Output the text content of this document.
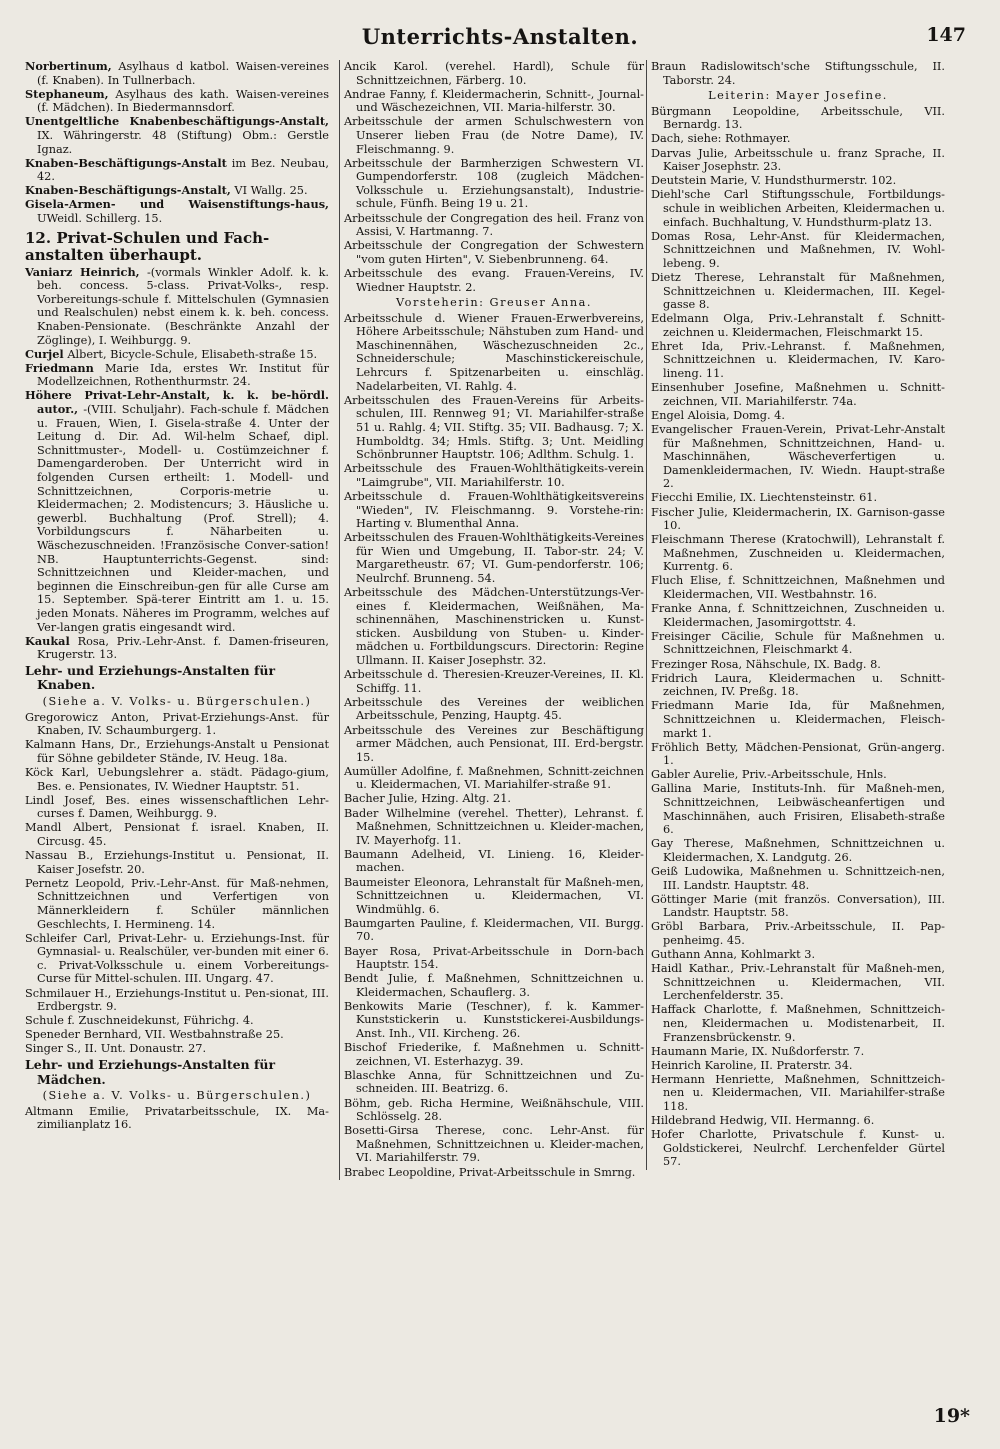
Unterrichts-Anstalten.	147
Norbertinum, Asylhaus d katbol. Waisen-vereines (f. Knaben). In Tullnerbach.
Stephaneum, Asylhaus des kath. Waisen-vereines (f. Mädchen). In Biedermannsdorf.
Unentgeltliche Knabenbeschäftigungs-Anstalt, IX. Währingerstr. 48 (Stiftung) Obm.: Gerstle Ignaz.
Knaben-Beschäftigungs-Anstalt im Bez. Neubau, 42.
Knaben-Beschäftigungs-Anstalt, VI Wallg. 25.
Gisela-Armen- und Waisenstiftungs-haus, UWeidl. Schillerg. 15.
12. Privat-Schulen und Fach-anstalten überhaupt.
Vaniarz Heinrich, -(vormals Winkler Adolf. k. k. beh. concess. 5-class. Privat-Volks-, resp. Vorbereitungs-schule f. Mittelschulen (Gymnasien und Realschulen) nebst einem k. k. beh. concess. Knaben-Pensionate. (Beschränkte Anzahl der Zöglinge), I. Weihburgg. 9.
Curjel Albert, Bicycle-Schule, Elisabeth-straße 15.
Friedmann Marie Ida, erstes Wr. Institut für Modellzeichnen, Rothenthurmstr. 24.
Höhere Privat-Lehr-Anstalt, k. k. be-hördl. autor., -(VIII. Schuljahr). Fach-schule f. Mädchen u. Frauen, Wien, I. Gisela-straße 4. Unter der Leitung d. Dir. Ad. Wil-helm Schaef, dipl. Schnittmuster-, Modell- u. Costümzeichner f. Damengarderoben. Der Unterricht wird in folgenden Cursen ertheilt: 1. Modell- und Schnittzeichnen, Corporis-metrie u. Kleidermachen; 2. Modistencurs; 3. Häusliche u. gewerbl. Buchhaltung (Prof. Strell); 4. Vorbildungscurs f. Näharbeiten u. Wäschezuschneiden. !Französische Conver-sation! NB. Hauptunterrichts-Gegenst. sind: Schnittzeichnen und Kleider-machen, und beginnen die Einschreibun-gen für alle Curse am 15. September. Spä-terer Eintritt am 1. u. 15. jeden Monats. Näheres im Programm, welches auf Ver-langen gratis eingesandt wird.
Kaukal Rosa, Priv.-Lehr-Anst. f. Damen-friseuren, Krugerstr. 13.
Lehr- und Erziehungs-Anstalten für Knaben.
(Siehe a. V. Volks- u. Bürgerschulen.)
Gregorowicz Anton, Privat-Erziehungs-Anst. für Knaben, IV. Schaumburgerg. 1.
Kalmann Hans, Dr., Erziehungs-Anstalt u Pensionat für Söhne gebildeter Stände, IV. Heug. 18a.
Köck Karl, Uebungslehrer a. städt. Pädago-gium, Bes. e. Pensionates, IV. Wiedner Hauptstr. 51.
Lindl Josef, Bes. eines wissenschaftlichen Lehr-curses f. Damen, Weihburgg. 9.
Mandl Albert, Pensionat f. israel. Knaben, II. Circusg. 45.
Nassau B., Erziehungs-Institut u. Pensionat, II. Kaiser Josefstr. 20.
Pernetz Leopold, Priv.-Lehr-Anst. für Maß-nehmen, Schnittzeichnen und Verfertigen von Männerkleidern f. Schüler männlichen Geschlechts, I. Hermineng. 14.
Schleifer Carl, Privat-Lehr- u. Erziehungs-Inst. für Gymnasial- u. Realschüler, ver-bunden mit einer 6. c. Privat-Volksschule u. einem Vorbereitungs-Curse für Mittel-schulen. III. Ungarg. 47.
Schmilauer H., Erziehungs-Institut u. Pen-sionat, III. Erdbergstr. 9.
Schule f. Zuschneidekunst, Führichg. 4.
Speneder Bernhard, VII. Westbahnstraße 25.
Singer S., II. Unt. Donaustr. 27.
Lehr- und Erziehungs-Anstalten für Mädchen.
(Siehe a. V. Volks- u. Bürgerschulen.)
Altmann Emilie, Privatarbeitsschule, IX. Ma-zimilianplatz 16.
Ancik Karol. (verehel. Hardl), Schule für Schnittzeichnen, Färberg. 10.
Andrae Fanny, f. Kleidermacherin, Schnitt-, Journal- und Wäschezeichnen, VII. Maria-hilferstr. 30.
Arbeitsschule der armen Schulschwestern von Unserer lieben Frau (de Notre Dame), IV. Fleischmanng. 9.
Arbeitsschule der Barmherzigen Schwestern VI. Gumpendorferstr. 108 (zugleich Mädchen-Volksschule u. Erziehungsanstalt), Industrie-schule, Fünfh. Being 19 u. 21.
Arbeitsschule der Congregation des heil. Franz von Assisi, V. Hartmanng. 7.
Arbeitsschule der Congregation der Schwestern "vom guten Hirten", V. Siebenbrunneng. 64.
Arbeitsschule des evang. Frauen-Vereins, IV. Wiedner Hauptstr. 2.
Vorsteherin: Greuser Anna.
Arbeitsschule d. Wiener Frauen-Erwerbvereins, Höhere Arbeitsschule; Nähstuben zum Hand- und Maschinennähen, Wäschezuschneiden 2c., Schneiderschule; Maschinstickereischule, Lehrcurs f. Spitzenarbeiten u. einschläg. Nadelarbeiten, VI. Rahlg. 4.
Arbeitsschulen des Frauen-Vereins für Arbeits-schulen, III. Rennweg 91; VI. Mariahilfer-straße 51 u. Rahlg. 4; VII. Stiftg. 35; VII. Badhausg. 7; X. Humboldtg. 34; Hmls. Stiftg. 3; Unt. Meidling Schönbrunner Hauptstr. 106; Adlthm. Schulg. 1.
Arbeitsschule des Frauen-Wohlthätigkeits-verein "Laimgrube", VII. Mariahilferstr. 10.
Arbeitsschule d. Frauen-Wohlthätigkeitsvereins "Wieden", IV. Fleischmanng. 9. Vorstehe-rin: Harting v. Blumenthal Anna.
Arbeitsschulen des Frauen-Wohlthätigkeits-Vereines für Wien und Umgebung, II. Tabor-str. 24; V. Margaretheustr. 67; VI. Gum-pendorferstr. 106; Neulrchf. Brunneng. 54.
Arbeitsschule des Mädchen-Unterstützungs-Ver-eines f. Kleidermachen, Weißnähen, Ma-schinennähen, Maschinenstricken u. Kunst-sticken. Ausbildung von Stuben- u. Kinder-mädchen u. Fortbildungscurs. Directorin: Regine Ullmann. II. Kaiser Josephstr. 32.
Arbeitsschule d. Theresien-Kreuzer-Vereines, II. Kl. Schiffg. 11.
Arbeitsschule des Vereines der weiblichen Arbeitsschule, Penzing, Hauptg. 45.
Arbeitsschule des Vereines zur Beschäftigung armer Mädchen, auch Pensionat, III. Erd-bergstr. 15.
Aumüller Adolfine, f. Maßnehmen, Schnitt-zeichnen u. Kleidermachen, VI. Mariahilfer-straße 91.
Bacher Julie, Hzing. Altg. 21.
Bader Wilhelmine (verehel. Thetter), Lehranst. f. Maßnehmen, Schnittzeichnen u. Kleider-machen, IV. Mayerhofg. 11.
Baumann Adelheid, VI. Linieng. 16, Kleider-machen.
Baumeister Eleonora, Lehranstalt für Maßneh-men, Schnittzeichnen u. Kleidermachen, VI. Windmühlg. 6.
Baumgarten Pauline, f. Kleidermachen, VII. Burgg. 70.
Bayer Rosa, Privat-Arbeitsschule in Dorn-bach Hauptstr. 154.
Bendt Julie, f. Maßnehmen, Schnittzeichnen u. Kleidermachen, Schauflerg. 3.
Benkowits Marie (Teschner), f. k. Kammer-Kunststickerin u. Kunststickerei-Ausbildungs-Anst. Inh., VII. Kircheng. 26.
Bischof Friederike, f. Maßnehmen u. Schnitt-zeichnen, VI. Esterhazyg. 39.
Blaschke Anna, für Schnittzeichnen und Zu-schneiden. III. Beatrizg. 6.
Böhm, geb. Richa Hermine, Weißnähschule, VIII. Schlösselg. 28.
Bosetti-Girsa Therese, conc. Lehr-Anst. für Maßnehmen, Schnittzeichnen u. Kleider-machen, VI. Mariahilferstr. 79.
Brabec Leopoldine, Privat-Arbeitsschule in Smrng.
Braun Radislowitsch'sche Stiftungsschule, II. Taborstr. 24.
Leiterin: Mayer Josefine.
Bürgmann Leopoldine, Arbeitsschule, VII. Bernardg. 13.
Dach, siehe: Rothmayer.
Darvas Julie, Arbeitsschule u. franz Sprache, II. Kaiser Josephstr. 23.
Deutstein Marie, V. Hundsthurmerstr. 102.
Diehl'sche Carl Stiftungsschule, Fortbildungs-schule in weiblichen Arbeiten, Kleidermachen u. einfach. Buchhaltung, V. Hundsthurm-platz 13.
Domas Rosa, Lehr-Anst. für Kleidermachen, Schnittzeichnen und Maßnehmen, IV. Wohl-lebeng. 9.
Dietz Therese, Lehranstalt für Maßnehmen, Schnittzeichnen u. Kleidermachen, III. Kegel-gasse 8.
Edelmann Olga, Priv.-Lehranstalt f. Schnitt-zeichnen u. Kleidermachen, Fleischmarkt 15.
Ehret Ida, Priv.-Lehranst. f. Maßnehmen, Schnittzeichnen u. Kleidermachen, IV. Karo-lineng. 11.
Einsenhuber Josefine, Maßnehmen u. Schnitt-zeichnen, VII. Mariahilferstr. 74a.
Engel Aloisia, Domg. 4.
Evangelischer Frauen-Verein, Privat-Lehr-Anstalt für Maßnehmen, Schnittzeichnen, Hand- u. Maschinnähen, Wäscheverfertigen u. Damenkleidermachen, IV. Wiedn. Haupt-straße 2.
Fiecchi Emilie, IX. Liechtensteinstr. 61.
Fischer Julie, Kleidermacherin, IX. Garnison-gasse 10.
Fleischmann Therese (Kratochwill), Lehranstalt f. Maßnehmen, Zuschneiden u. Kleidermachen, Kurrentg. 6.
Fluch Elise, f. Schnittzeichnen, Maßnehmen und Kleidermachen, VII. Westbahnstr. 16.
Franke Anna, f. Schnittzeichnen, Zuschneiden u. Kleidermachen, Jasomirgottstr. 4.
Freisinger Cäcilie, Schule für Maßnehmen u. Schnittzeichnen, Fleischmarkt 4.
Frezinger Rosa, Nähschule, IX. Badg. 8.
Fridrich Laura, Kleidermachen u. Schnitt-zeichnen, IV. Preßg. 18.
Friedmann Marie Ida, für Maßnehmen, Schnittzeichnen u. Kleidermachen, Fleisch-markt 1.
Fröhlich Betty, Mädchen-Pensionat, Grün-angerg. 1.
Gabler Aurelie, Priv.-Arbeitsschule, Hnls.
Gallina Marie, Instituts-Inh. für Maßneh-men, Schnittzeichnen, Leibwäscheanfertigen und Maschinnähen, auch Frisiren, Elisabeth-straße 6.
Gay Therese, Maßnehmen, Schnittzeichnen u. Kleidermachen, X. Landgutg. 26.
Geiß Ludowika, Maßnehmen u. Schnittzeich-nen, III. Landstr. Hauptstr. 48.
Göttinger Marie (mit französ. Conversation), III. Landstr. Hauptstr. 58.
Gröbl Barbara, Priv.-Arbeitsschule, II. Pap-penheimg. 45.
Guthann Anna, Kohlmarkt 3.
Haidl Kathar., Priv.-Lehranstalt für Maßneh-men, Schnittzeichnen u. Kleidermachen, VII. Lerchenfelderstr. 35.
Haffack Charlotte, f. Maßnehmen, Schnittzeich-nen, Kleidermachen u. Modistenarbeit, II. Franzensbrückenstr. 9.
Haumann Marie, IX. Nußdorferstr. 7.
Heinrich Karoline, II. Praterstr. 34.
Hermann Henriette, Maßnehmen, Schnittzeich-nen u. Kleidermachen, VII. Mariahilfer-straße 118.
Hildebrand Hedwig, VII. Hermanng. 6.
Hofer Charlotte, Privatschule f. Kunst- u. Goldstickerei, Neulrchf. Lerchenfelder Gürtel 57.
19*
